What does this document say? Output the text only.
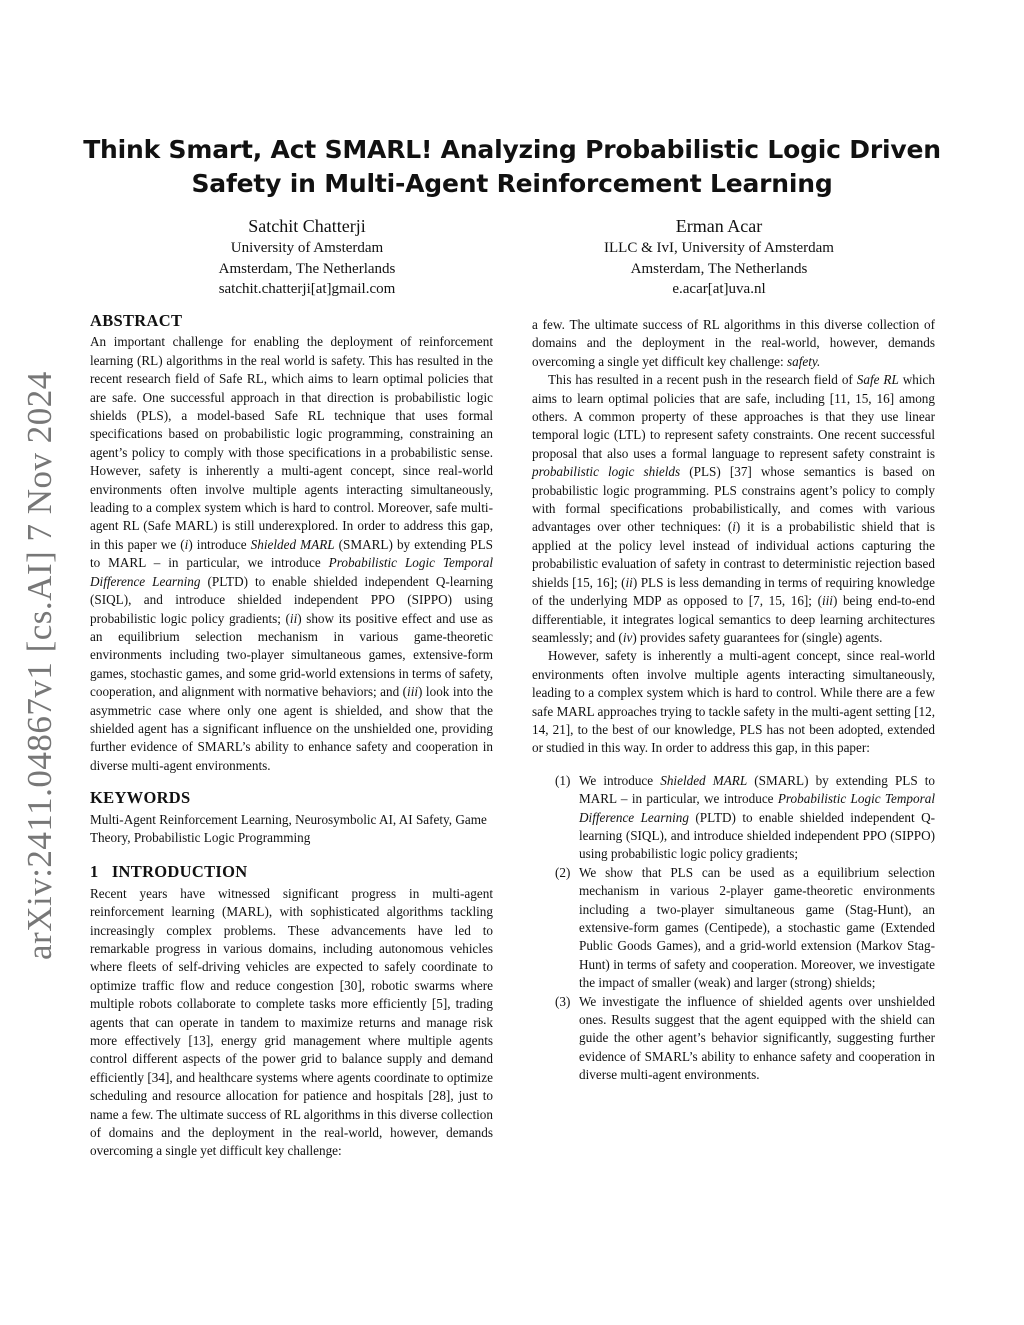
arXiv:2411.04867v1 [cs.AI] 7 Nov 2024
Think Smart, Act SMARL! Analyzing Probabilistic Logic Driven
Safety in Multi-Agent Reinforcement Learning
Satchit Chatterji
University of Amsterdam
Amsterdam, The Netherlands
satchit.chatterji[at]gmail.com
Erman Acar
ILLC & IvI, University of Amsterdam
Amsterdam, The Netherlands
e.acar[at]uva.nl
ABSTRACT

An important challenge for enabling the deployment of reinforcement learning (RL) algorithms in the real world is safety. This has resulted in the recent research field of Safe RL, which aims to learn optimal policies that are safe. One successful approach in that direction is probabilistic logic shields (PLS), a model-based Safe RL technique that uses formal specifications based on probabilistic logic programming, constraining an agent’s policy to comply with those specifications in a probabilistic sense. However, safety is inherently a multi-agent concept, since real-world environments often involve multiple agents interacting simultaneously, leading to a complex system which is hard to control. Moreover, safe multi-agent RL (Safe MARL) is still underexplored. In order to address this gap, in this paper we (i) introduce Shielded MARL (SMARL) by extending PLS to MARL – in particular, we introduce Probabilistic Logic Temporal Difference Learning (PLTD) to enable shielded independent Q-learning (SIQL), and introduce shielded independent PPO (SIPPO) using probabilistic logic policy gradients; (ii) show its positive effect and use as an equilibrium selection mechanism in various game-theoretic environments including two-player simultaneous games, extensive-form games, stochastic games, and some grid-world extensions in terms of safety, cooperation, and alignment with normative behaviors; and (iii) look into the asymmetric case where only one agent is shielded, and show that the shielded agent has a significant influence on the unshielded one, providing further evidence of SMARL’s ability to enhance safety and cooperation in diverse multi-agent environments.

KEYWORDS

Multi-Agent Reinforcement Learning, Neurosymbolic AI, AI Safety, Game Theory, Probabilistic Logic Programming

1   INTRODUCTION

Recent years have witnessed significant progress in multi-agent reinforcement learning (MARL), with sophisticated algorithms tackling increasingly complex problems. These advancements have led to remarkable progress in various domains, including autonomous vehicles where fleets of self-driving vehicles are expected to safely coordinate to optimize traffic flow and reduce congestion [30], robotic swarms where multiple robots collaborate to complete tasks more efficiently [5], trading agents that can operate in tandem to maximize returns and manage risk more effectively [13], energy grid management where multiple agents control different aspects of the power grid to balance supply and demand efficiently [34], and healthcare systems where agents coordinate to optimize scheduling and resource allocation for patience and hospitals [28], just to name a few. The ultimate success of RL algorithms in this diverse collection of domains and the deployment in the real-world, however, demands overcoming a single yet difficult key challenge:

a few. The ultimate success of RL algorithms in this diverse collection of domains and the deployment in the real-world, however, demands overcoming a single yet difficult key challenge: safety.

This has resulted in a recent push in the research field of Safe RL which aims to learn optimal policies that are safe, including [11, 15, 16] among others. A common property of these approaches is that they use linear temporal logic (LTL) to represent safety constraints. One recent successful proposal that also uses a formal language to represent safety constraint is probabilistic logic shields (PLS) [37] whose semantics is based on probabilistic logic programming. PLS constrains agent’s policy to comply with formal specifications probabilistically, and comes with various advantages over other techniques: (i) it is a probabilistic shield that is applied at the policy level instead of individual actions capturing the probabilistic evaluation of safety in contrast to deterministic rejection based shields [15, 16]; (ii) PLS is less demanding in terms of requiring knowledge of the underlying MDP as opposed to [7, 15, 16]; (iii) being end-to-end differentiable, it integrates logical semantics to deep learning architectures seamlessly; and (iv) provides safety guarantees for (single) agents.

However, safety is inherently a multi-agent concept, since real-world environments often involve multiple agents interacting simultaneously, leading to a complex system which is hard to control. While there are a few safe MARL approaches trying to tackle safety in the multi-agent setting [12, 14, 21], to the best of our knowledge, PLS has not been adopted, extended or studied in this way. In order to address this gap, in this paper:

(1) We introduce Shielded MARL (SMARL) by extending PLS to MARL – in particular, we introduce Probabilistic Logic Temporal Difference Learning (PLTD) to enable shielded independent Q-learning (SIQL), and introduce shielded independent PPO (SIPPO) using probabilistic logic policy gradients;
(2) We show that PLS can be used as a equilibrium selection mechanism in various 2-player game-theoretic environments including a two-player simultaneous game (Stag-Hunt), an extensive-form games (Centipede), a stochastic game (Extended Public Goods Games), and a grid-world extension (Markov Stag-Hunt) in terms of safety and cooperation. Moreover, we investigate the impact of smaller (weak) and larger (strong) shields;
(3) We investigate the influence of shielded agents over unshielded ones. Results suggest that the agent equipped with the shield can guide the other agent’s behavior significantly, suggesting further evidence of SMARL’s ability to enhance safety and cooperation in diverse multi-agent environments.
